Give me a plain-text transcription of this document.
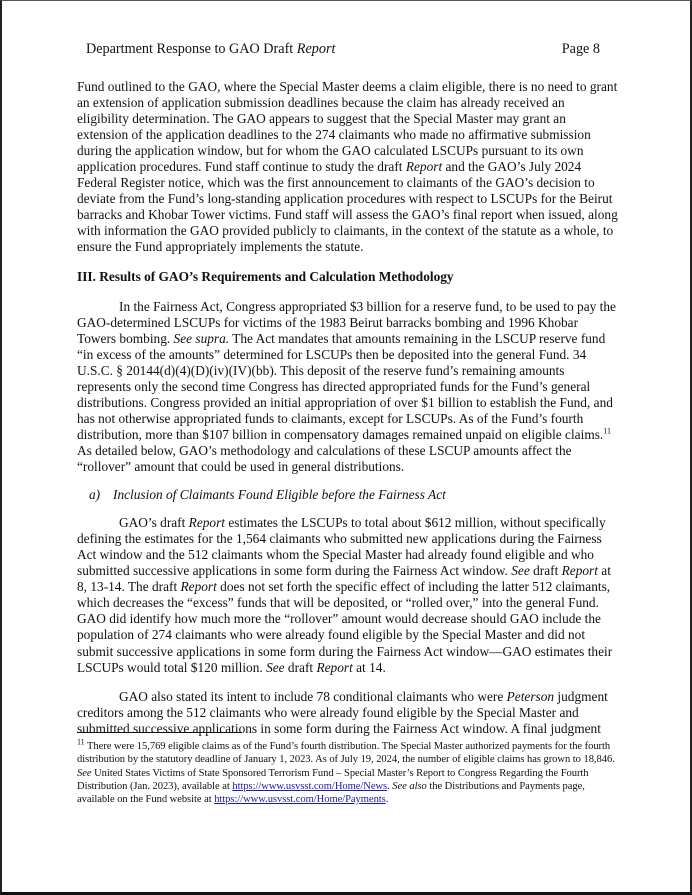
Department Response to GAO Draft Report	Page 8

Fund outlined to the GAO, where the Special Master deems a claim eligible, there is no need to grant an extension of application submission deadlines because the claim has already received an eligibility determination. The GAO appears to suggest that the Special Master may grant an extension of the application deadlines to the 274 claimants who made no affirmative submission during the application window, but for whom the GAO calculated LSCUPs pursuant to its own application procedures. Fund staff continue to study the draft Report and the GAO’s July 2024 Federal Register notice, which was the first announcement to claimants of the GAO’s decision to deviate from the Fund’s long-standing application procedures with respect to LSCUPs for the Beirut barracks and Khobar Tower victims. Fund staff will assess the GAO’s final report when issued, along with information the GAO provided publicly to claimants, in the context of the statute as a whole, to ensure the Fund appropriately implements the statute.

III. Results of GAO’s Requirements and Calculation Methodology

In the Fairness Act, Congress appropriated $3 billion for a reserve fund, to be used to pay the GAO-determined LSCUPs for victims of the 1983 Beirut barracks bombing and 1996 Khobar Towers bombing. See supra. The Act mandates that amounts remaining in the LSCUP reserve fund “in excess of the amounts” determined for LSCUPs then be deposited into the general Fund. 34 U.S.C. § 20144(d)(4)(D)(iv)(IV)(bb). This deposit of the reserve fund’s remaining amounts represents only the second time Congress has directed appropriated funds for the Fund’s general distributions. Congress provided an initial appropriation of over $1 billion to establish the Fund, and has not otherwise appropriated funds to claimants, except for LSCUPs. As of the Fund’s fourth distribution, more than $107 billion in compensatory damages remained unpaid on eligible claims.$^{11}$ As detailed below, GAO’s methodology and calculations of these LSCUP amounts affect the “rollover” amount that could be used in general distributions.

a) Inclusion of Claimants Found Eligible before the Fairness Act

GAO’s draft Report estimates the LSCUPs to total about $612 million, without specifically defining the estimates for the 1,564 claimants who submitted new applications during the Fairness Act window and the 512 claimants whom the Special Master had already found eligible and who submitted successive applications in some form during the Fairness Act window. See draft Report at 8, 13-14. The draft Report does not set forth the specific effect of including the latter 512 claimants, which decreases the “excess” funds that will be deposited, or “rolled over,” into the general Fund. GAO did identify how much more the “rollover” amount would decrease should GAO include the population of 274 claimants who were already found eligible by the Special Master and did not submit successive applications in some form during the Fairness Act window—GAO estimates their LSCUPs would total $120 million. See draft Report at 14.

GAO also stated its intent to include 78 conditional claimants who were Peterson judgment creditors among the 512 claimants who were already found eligible by the Special Master and submitted successive applications in some form during the Fairness Act window. A final judgment

$^{11}$ There were 15,769 eligible claims as of the Fund’s fourth distribution. The Special Master authorized payments for the fourth distribution by the statutory deadline of January 1, 2023. As of July 19, 2024, the number of eligible claims has grown to 18,846. See United States Victims of State Sponsored Terrorism Fund – Special Master’s Report to Congress Regarding the Fourth Distribution (Jan. 2023), available at https://www.usvsst.com/Home/News. See also the Distributions and Payments page, available on the Fund website at https://www.usvsst.com/Home/Payments.
